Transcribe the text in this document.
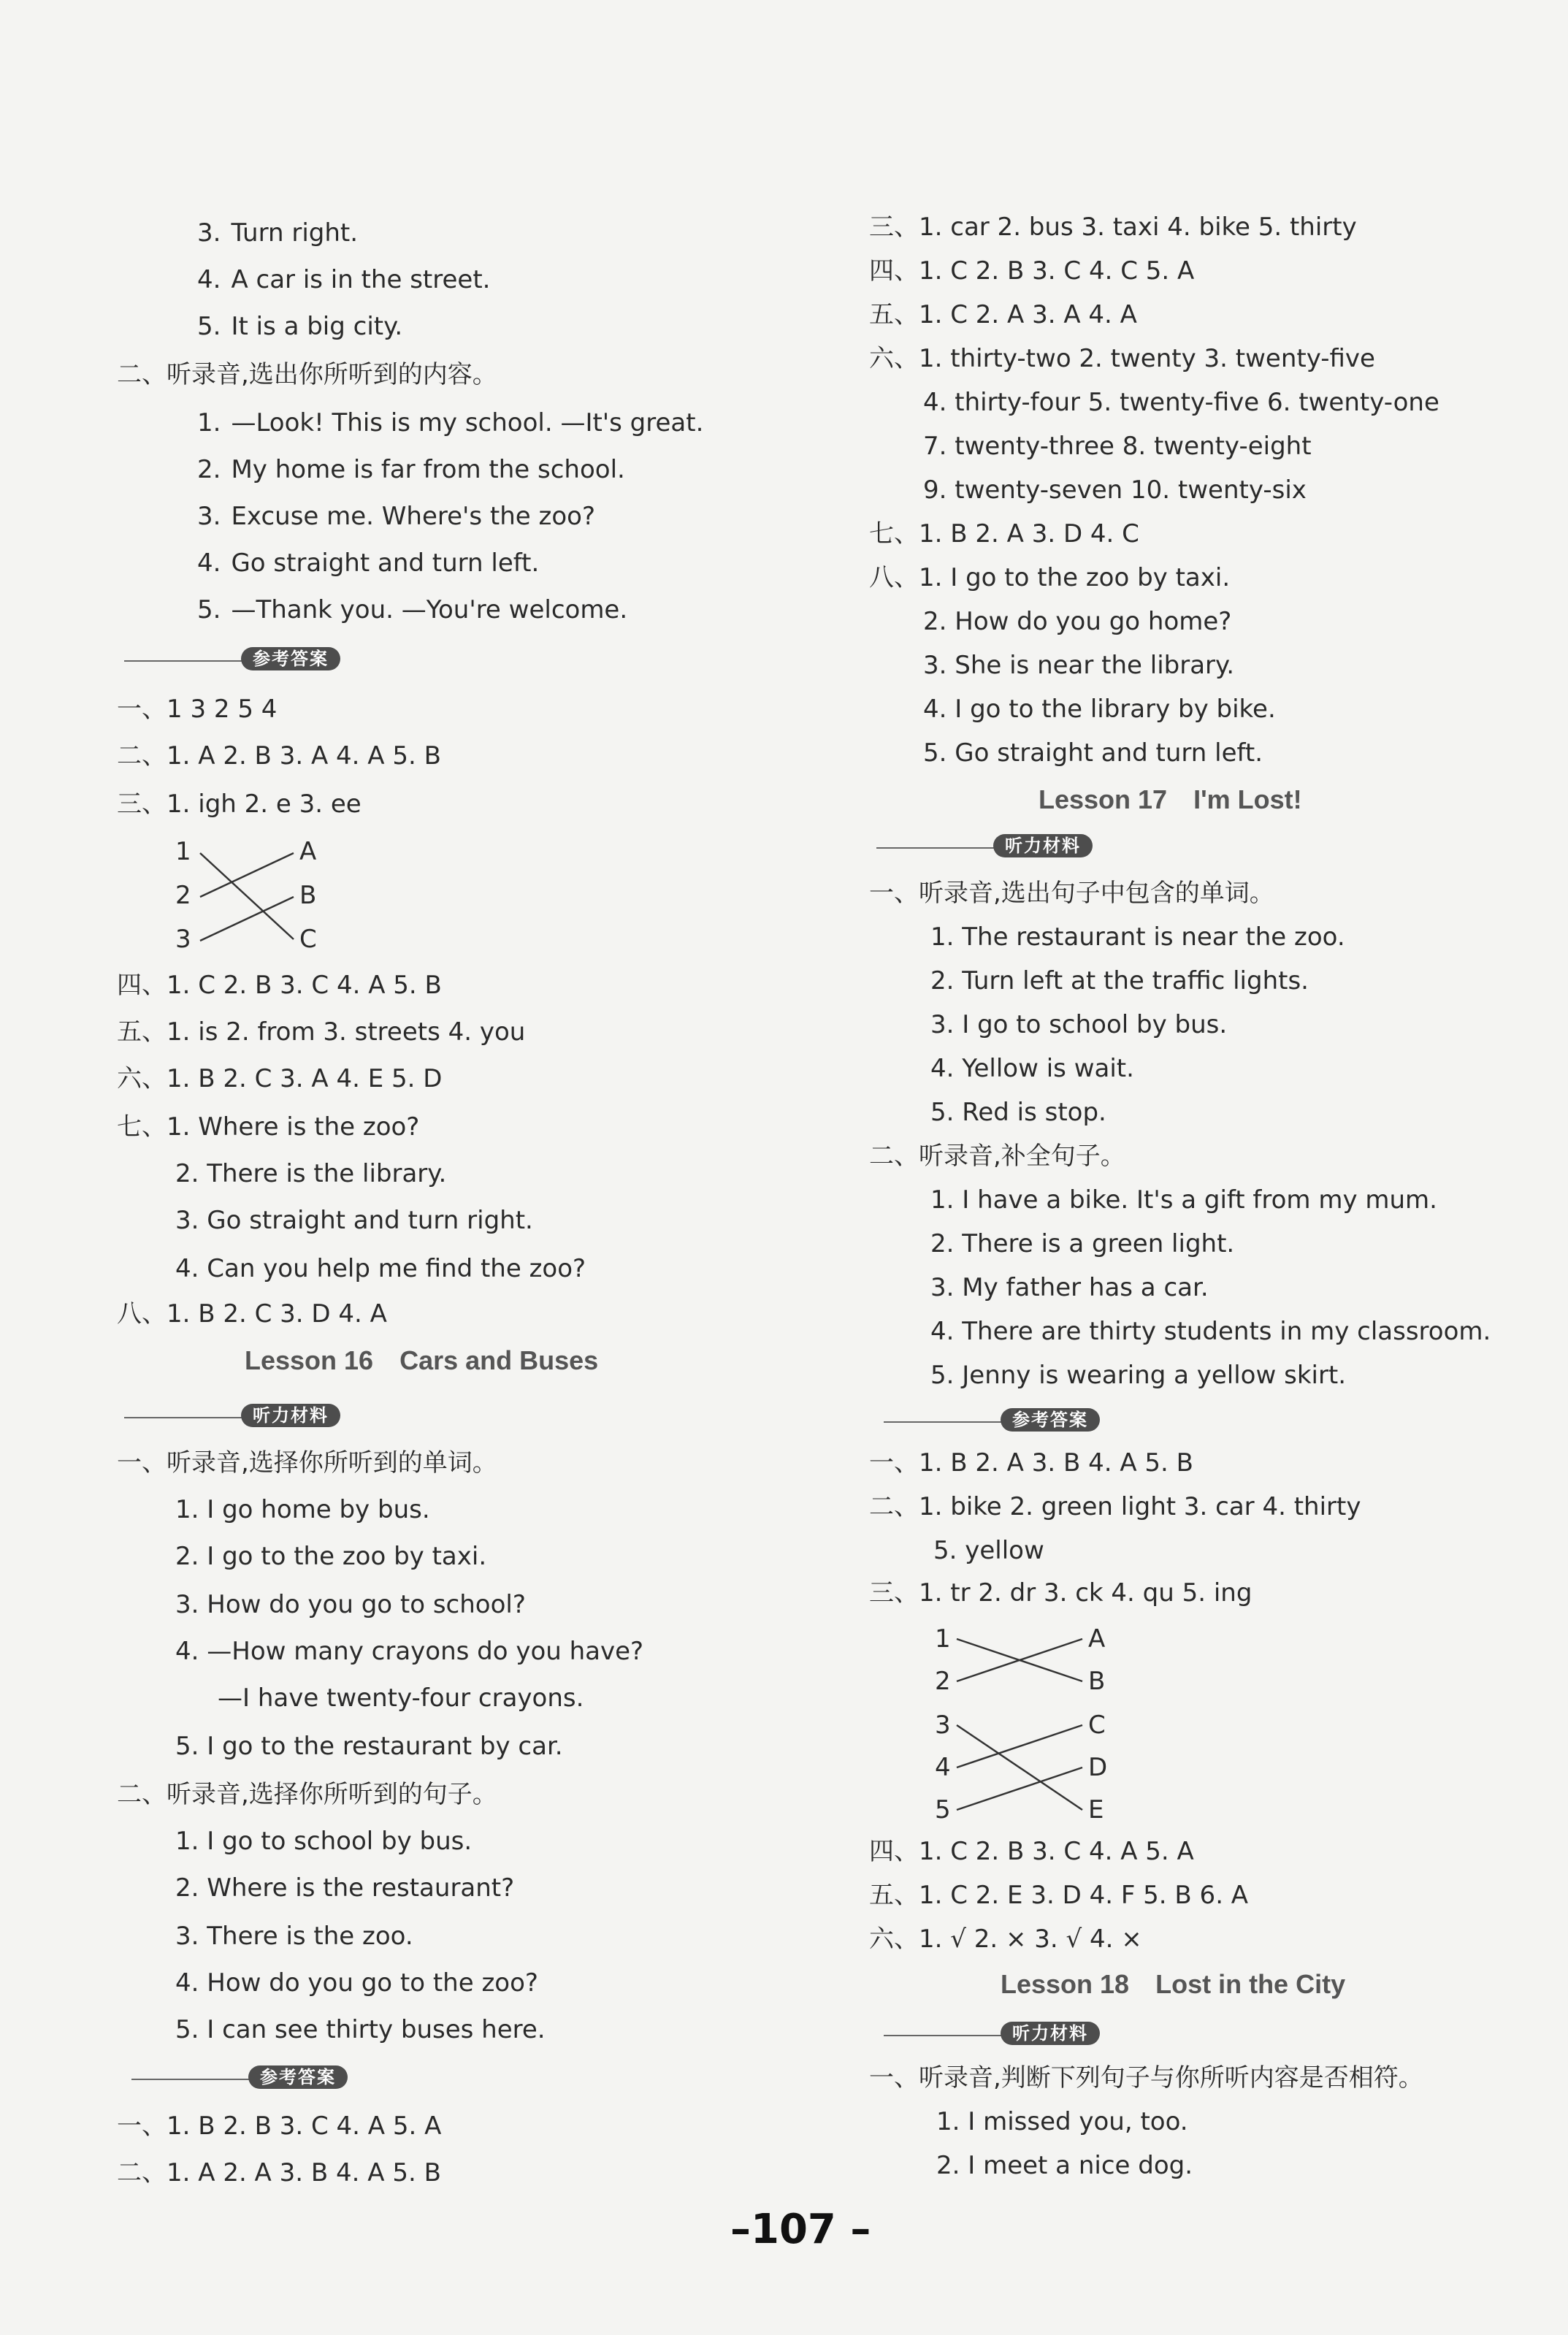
3. Turn right.
4. A car is in the street.
5. It is a big city.
二、听录音,选出你所听到的内容。
1. —Look! This is my school. —It's great.
2. My home is far from the school.
3. Excuse me. Where's the zoo?
4. Go straight and turn left.
5. —Thank you. —You're welcome.
参考答案
一、1 3 2 5 4
二、1. A 2. B 3. A 4. A 5. B
三、1. igh 2. e 3. ee
1
2
3
A
B
C
四、1. C 2. B 3. C 4. A 5. B
五、1. is 2. from 3. streets 4. you
六、1. B 2. C 3. A 4. E 5. D
七、1. Where is the zoo?
2. There is the library.
3. Go straight and turn right.
4. Can you help me find the zoo?
八、1. B 2. C 3. D 4. A
Lesson 16 Cars and Buses
听力材料
一、听录音,选择你所听到的单词。
1. I go home by bus.
2. I go to the zoo by taxi.
3. How do you go to school?
4. —How many crayons do you have?
—I have twenty-four crayons.
5. I go to the restaurant by car.
二、听录音,选择你所听到的句子。
1. I go to school by bus.
2. Where is the restaurant?
3. There is the zoo.
4. How do you go to the zoo?
5. I can see thirty buses here.
参考答案
一、1. B 2. B 3. C 4. A 5. A
二、1. A 2. A 3. B 4. A 5. B
三、1. car 2. bus 3. taxi 4. bike 5. thirty
四、1. C 2. B 3. C 4. C 5. A
五、1. C 2. A 3. A 4. A
六、1. thirty-two 2. twenty 3. twenty-five
4. thirty-four 5. twenty-five 6. twenty-one
7. twenty-three 8. twenty-eight
9. twenty-seven 10. twenty-six
七、1. B 2. A 3. D 4. C
八、1. I go to the zoo by taxi.
2. How do you go home?
3. She is near the library.
4. I go to the library by bike.
5. Go straight and turn left.
Lesson 17 I'm Lost!
听力材料
一、听录音,选出句子中包含的单词。
1. The restaurant is near the zoo.
2. Turn left at the traffic lights.
3. I go to school by bus.
4. Yellow is wait.
5. Red is stop.
二、听录音,补全句子。
1. I have a bike. It's a gift from my mum.
2. There is a green light.
3. My father has a car.
4. There are thirty students in my classroom.
5. Jenny is wearing a yellow skirt.
参考答案
一、1. B 2. A 3. B 4. A 5. B
二、1. bike 2. green light 3. car 4. thirty
5. yellow
三、1. tr 2. dr 3. ck 4. qu 5. ing
1
2
3
4
5
A
B
C
D
E
四、1. C 2. B 3. C 4. A 5. A
五、1. C 2. E 3. D 4. F 5. B 6. A
六、1. √ 2. × 3. √ 4. ×
Lesson 18 Lost in the City
听力材料
一、听录音,判断下列句子与你所听内容是否相符。
1. I missed you, too.
2. I meet a nice dog.
–107 –
